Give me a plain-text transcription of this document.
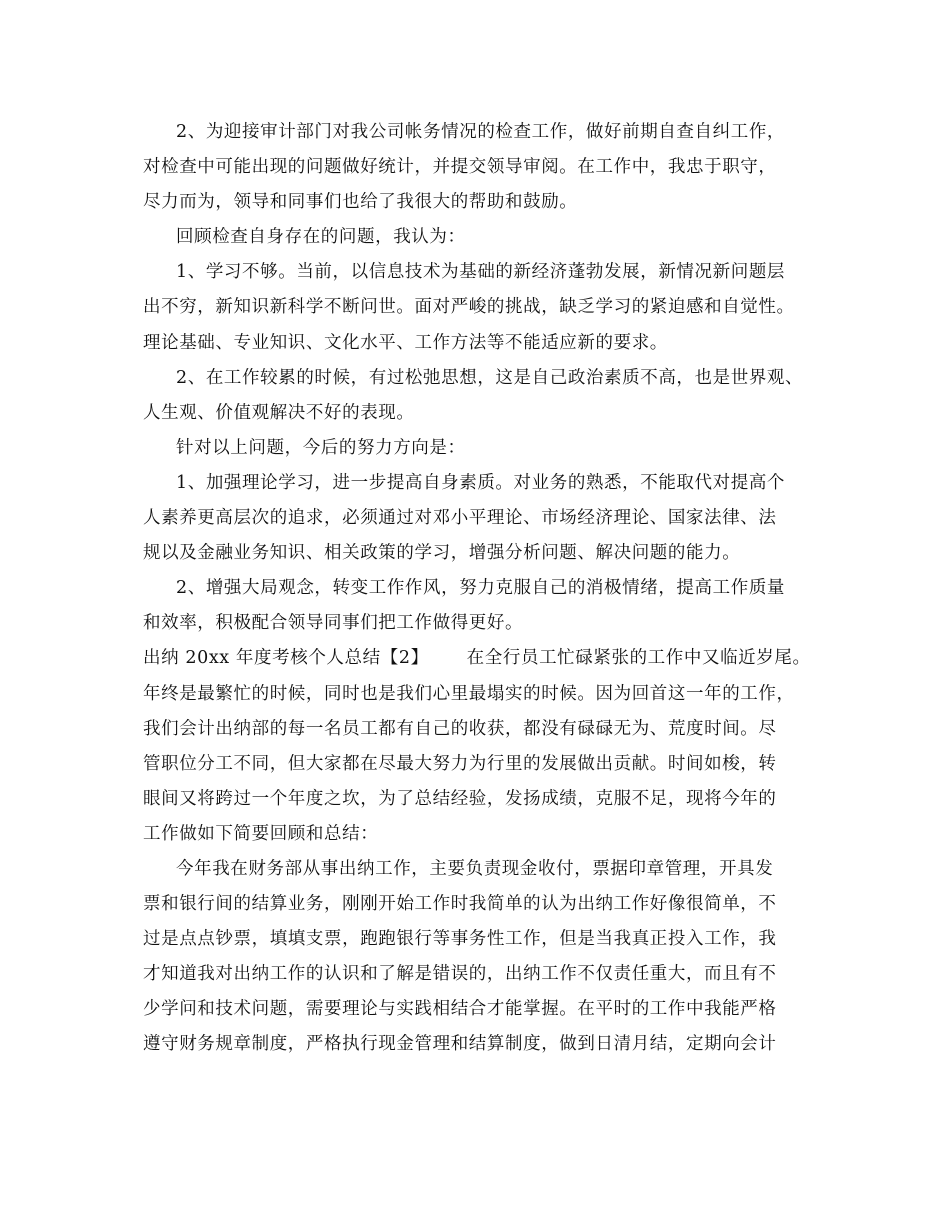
2、为迎接审计部门对我公司帐务情况的检查工作，做好前期自查自纠工作，
对检查中可能出现的问题做好统计，并提交领导审阅。在工作中，我忠于职守，
尽力而为，领导和同事们也给了我很大的帮助和鼓励。
回顾检查自身存在的问题，我认为：
1、学习不够。当前，以信息技术为基础的新经济蓬勃发展，新情况新问题层
出不穷，新知识新科学不断问世。面对严峻的挑战，缺乏学习的紧迫感和自觉性。
理论基础、专业知识、文化水平、工作方法等不能适应新的要求。
2、在工作较累的时候，有过松弛思想，这是自己政治素质不高，也是世界观、
人生观、价值观解决不好的表现。
针对以上问题，今后的努力方向是：
1、加强理论学习，进一步提高自身素质。对业务的熟悉，不能取代对提高个
人素养更高层次的追求，必须通过对邓小平理论、市场经济理论、国家法律、法
规以及金融业务知识、相关政策的学习，增强分析问题、解决问题的能力。
2、增强大局观念，转变工作作风，努力克服自己的消极情绪，提高工作质量
和效率，积极配合领导同事们把工作做得更好。
出纳 20xx 年度考核个人总结【2】 在全行员工忙碌紧张的工作中又临近岁尾。
年终是最繁忙的时候，同时也是我们心里最塌实的时候。因为回首这一年的工作，
我们会计出纳部的每一名员工都有自己的收获，都没有碌碌无为、荒度时间。尽
管职位分工不同，但大家都在尽最大努力为行里的发展做出贡献。时间如梭，转
眼间又将跨过一个年度之坎，为了总结经验，发扬成绩，克服不足，现将今年的
工作做如下简要回顾和总结：
今年我在财务部从事出纳工作，主要负责现金收付，票据印章管理，开具发
票和银行间的结算业务，刚刚开始工作时我简单的认为出纳工作好像很简单，不
过是点点钞票，填填支票，跑跑银行等事务性工作，但是当我真正投入工作，我
才知道我对出纳工作的认识和了解是错误的，出纳工作不仅责任重大，而且有不
少学问和技术问题，需要理论与实践相结合才能掌握。在平时的工作中我能严格
遵守财务规章制度，严格执行现金管理和结算制度，做到日清月结，定期向会计
